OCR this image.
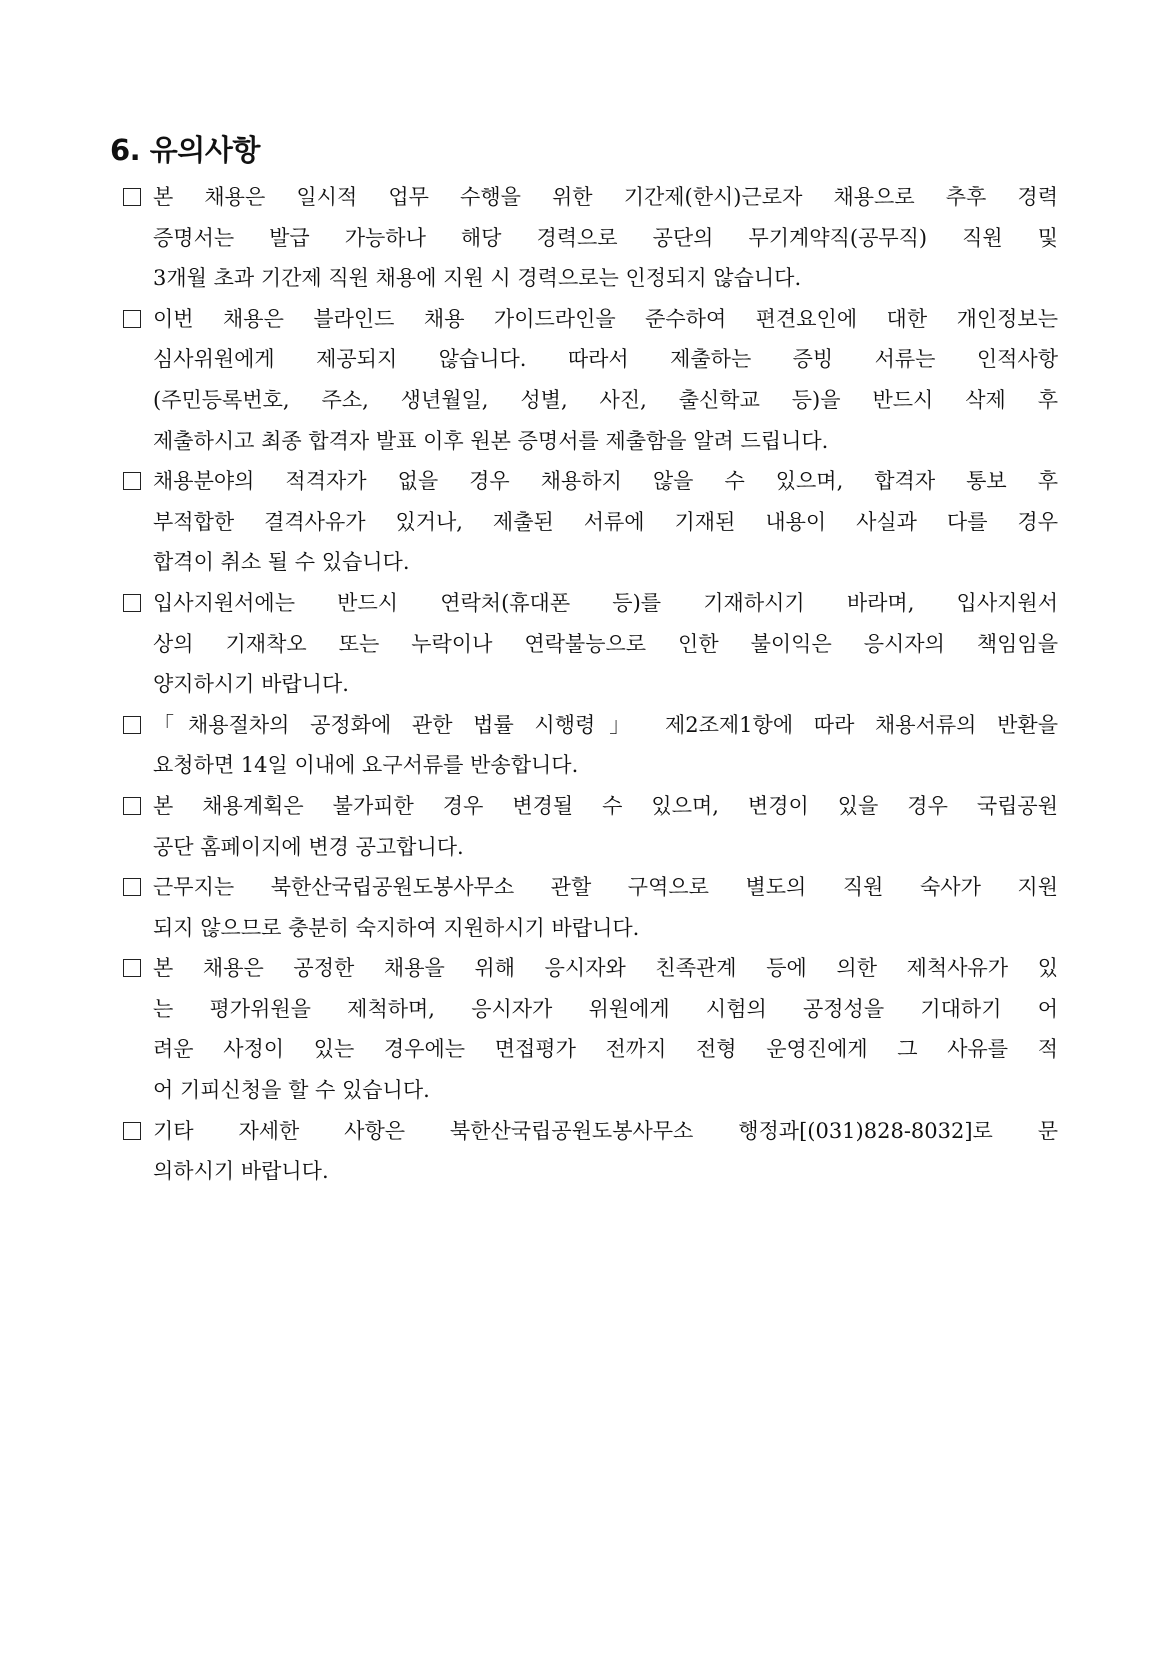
6. 유의사항
본 채용은 일시적 업무 수행을 위한 기간제(한시)근로자 채용으로 추후 경력
증명서는 발급 가능하나 해당 경력으로 공단의 무기계약직(공무직) 직원 및
3개월 초과 기간제 직원 채용에 지원 시 경력으로는 인정되지 않습니다.
이번 채용은 블라인드 채용 가이드라인을 준수하여 편견요인에 대한 개인정보는
심사위원에게 제공되지 않습니다. 따라서 제출하는 증빙 서류는 인적사항
(주민등록번호, 주소, 생년월일, 성별, 사진, 출신학교 등)을 반드시 삭제 후
제출하시고 최종 합격자 발표 이후 원본 증명서를 제출함을 알려 드립니다.
채용분야의 적격자가 없을 경우 채용하지 않을 수 있으며, 합격자 통보 후
부적합한 결격사유가 있거나, 제출된 서류에 기재된 내용이 사실과 다를 경우
합격이 취소 될 수 있습니다.
입사지원서에는 반드시 연락처(휴대폰 등)를 기재하시기 바라며, 입사지원서
상의 기재착오 또는 누락이나 연락불능으로 인한 불이익은 응시자의 책임임을
양지하시기 바랍니다.
「채용절차의 공정화에 관한 법률 시행령」 제2조제1항에 따라 채용서류의 반환을
요청하면 14일 이내에 요구서류를 반송합니다.
본 채용계획은 불가피한 경우 변경될 수 있으며, 변경이 있을 경우 국립공원
공단 홈페이지에 변경 공고합니다.
근무지는 북한산국립공원도봉사무소 관할 구역으로 별도의 직원 숙사가 지원
되지 않으므로 충분히 숙지하여 지원하시기 바랍니다.
본 채용은 공정한 채용을 위해 응시자와 친족관계 등에 의한 제척사유가 있
는 평가위원을 제척하며, 응시자가 위원에게 시험의 공정성을 기대하기 어
려운 사정이 있는 경우에는 면접평가 전까지 전형 운영진에게 그 사유를 적
어 기피신청을 할 수 있습니다.
기타 자세한 사항은 북한산국립공원도봉사무소 행정과[(031)828-8032]로 문
의하시기 바랍니다.
